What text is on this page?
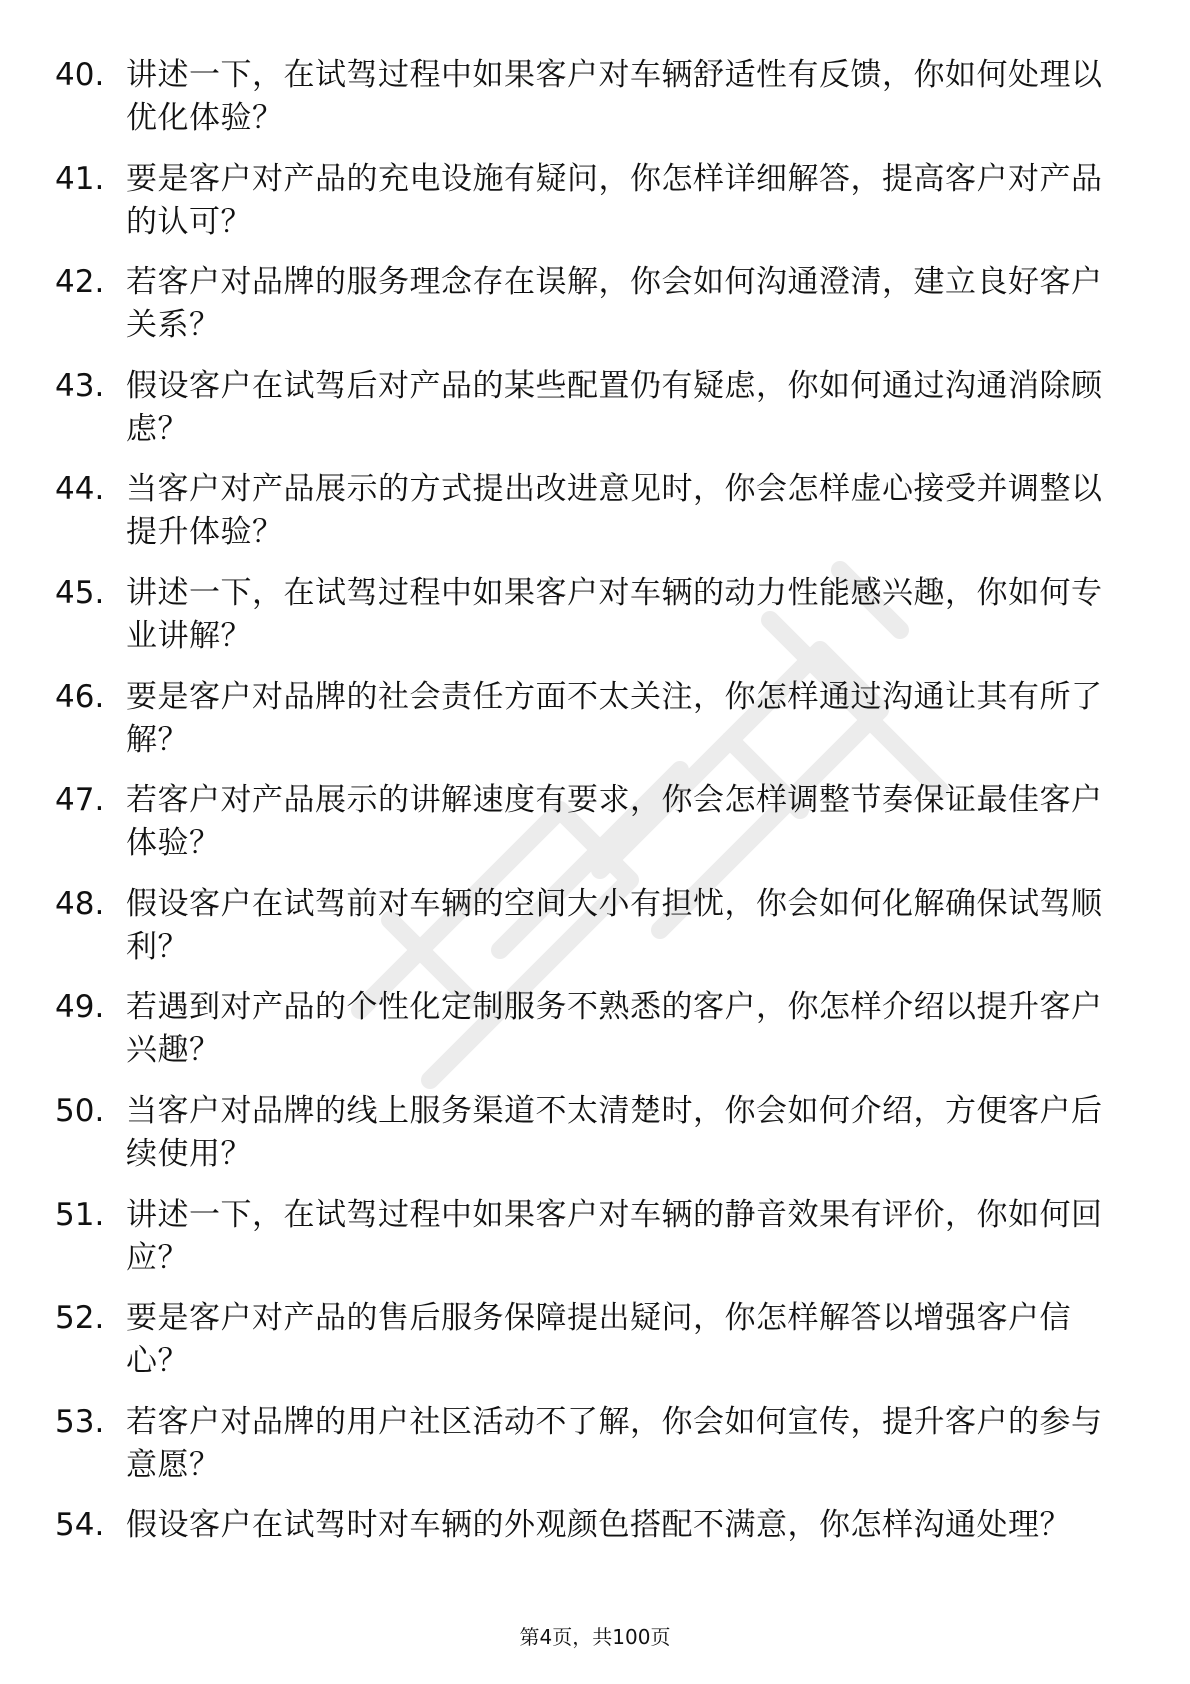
40. 讲述一下，在试驾过程中如果客户对车辆舒适性有反馈，你如何处理以优化体验？
41. 要是客户对产品的充电设施有疑问，你怎样详细解答，提高客户对产品的认可？
42. 若客户对品牌的服务理念存在误解，你会如何沟通澄清，建立良好客户关系？
43. 假设客户在试驾后对产品的某些配置仍有疑虑，你如何通过沟通消除顾虑？
44. 当客户对产品展示的方式提出改进意见时，你会怎样虚心接受并调整以提升体验？
45. 讲述一下，在试驾过程中如果客户对车辆的动力性能感兴趣，你如何专业讲解？
46. 要是客户对品牌的社会责任方面不太关注，你怎样通过沟通让其有所了解？
47. 若客户对产品展示的讲解速度有要求，你会怎样调整节奏保证最佳客户体验？
48. 假设客户在试驾前对车辆的空间大小有担忧，你会如何化解确保试驾顺利？
49. 若遇到对产品的个性化定制服务不熟悉的客户，你怎样介绍以提升客户兴趣？
50. 当客户对品牌的线上服务渠道不太清楚时，你会如何介绍，方便客户后续使用？
51. 讲述一下，在试驾过程中如果客户对车辆的静音效果有评价，你如何回应？
52. 要是客户对产品的售后服务保障提出疑问，你怎样解答以增强客户信心？
53. 若客户对品牌的用户社区活动不了解，你会如何宣传，提升客户的参与意愿？
54. 假设客户在试驾时对车辆的外观颜色搭配不满意，你怎样沟通处理？
第4页，共100页
